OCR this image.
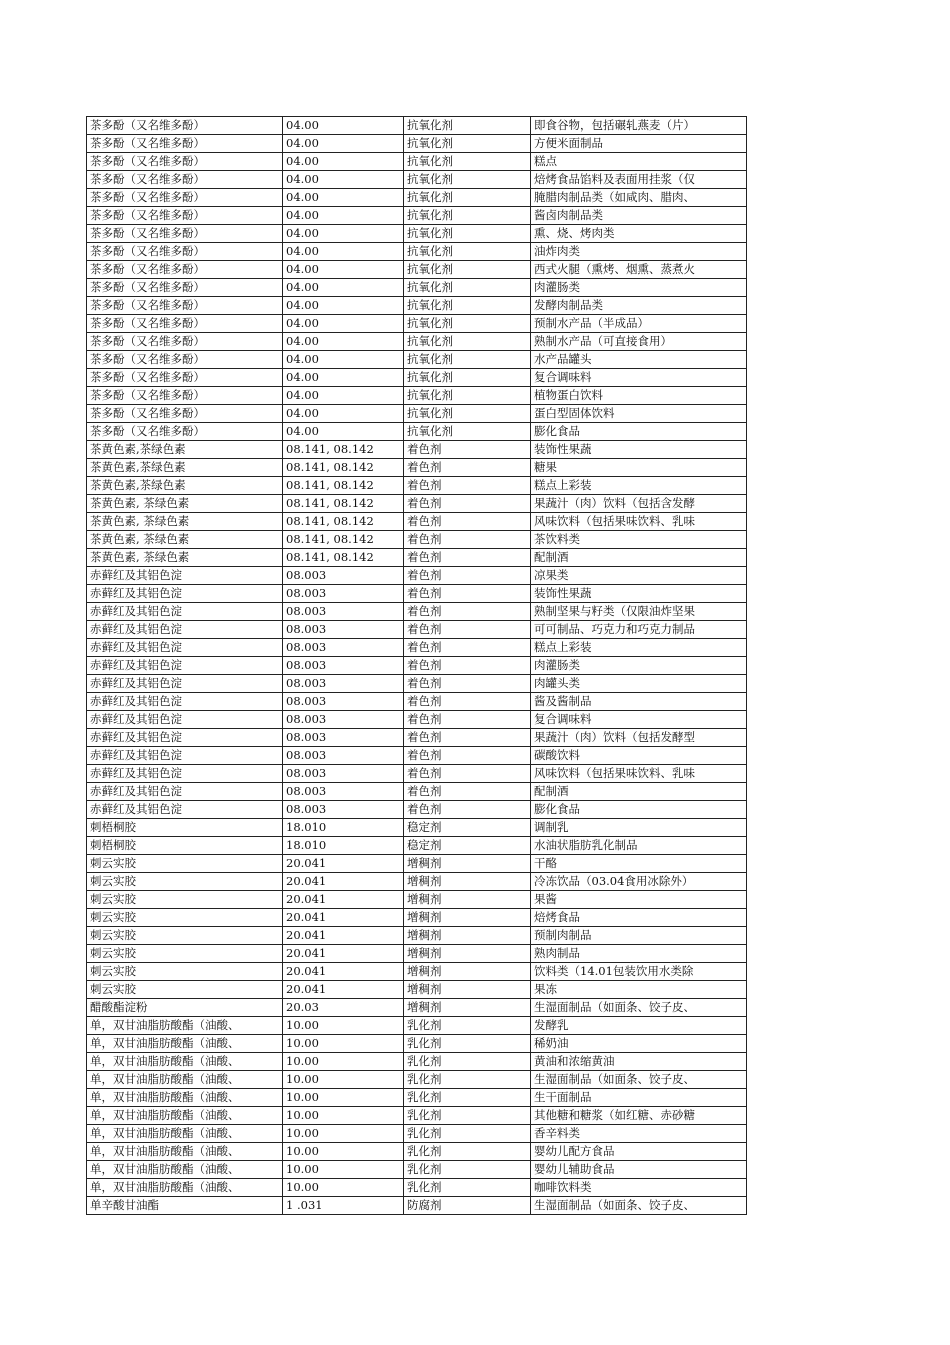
茶多酚（又名维多酚）	04.00	抗氧化剂	即食谷物，包括碾轧燕麦（片）
茶多酚（又名维多酚）	04.00	抗氧化剂	方便米面制品
茶多酚（又名维多酚）	04.00	抗氧化剂	糕点
茶多酚（又名维多酚）	04.00	抗氧化剂	焙烤食品馅料及表面用挂浆（仅
茶多酚（又名维多酚）	04.00	抗氧化剂	腌腊肉制品类（如咸肉、腊肉、
茶多酚（又名维多酚）	04.00	抗氧化剂	酱卤肉制品类
茶多酚（又名维多酚）	04.00	抗氧化剂	熏、烧、烤肉类
茶多酚（又名维多酚）	04.00	抗氧化剂	油炸肉类
茶多酚（又名维多酚）	04.00	抗氧化剂	西式火腿（熏烤、烟熏、蒸煮火
茶多酚（又名维多酚）	04.00	抗氧化剂	肉灌肠类
茶多酚（又名维多酚）	04.00	抗氧化剂	发酵肉制品类
茶多酚（又名维多酚）	04.00	抗氧化剂	预制水产品（半成品）
茶多酚（又名维多酚）	04.00	抗氧化剂	熟制水产品（可直接食用）
茶多酚（又名维多酚）	04.00	抗氧化剂	水产品罐头
茶多酚（又名维多酚）	04.00	抗氧化剂	复合调味料
茶多酚（又名维多酚）	04.00	抗氧化剂	植物蛋白饮料
茶多酚（又名维多酚）	04.00	抗氧化剂	蛋白型固体饮料
茶多酚（又名维多酚）	04.00	抗氧化剂	膨化食品
茶黄色素,茶绿色素	08.141, 08.142	着色剂	装饰性果蔬
茶黄色素,茶绿色素	08.141, 08.142	着色剂	糖果
茶黄色素,茶绿色素	08.141, 08.142	着色剂	糕点上彩装
茶黄色素, 茶绿色素	08.141, 08.142	着色剂	果蔬汁（肉）饮料（包括含发酵
茶黄色素, 茶绿色素	08.141, 08.142	着色剂	风味饮料（包括果味饮料、乳味
茶黄色素, 茶绿色素	08.141, 08.142	着色剂	茶饮料类
茶黄色素, 茶绿色素	08.141, 08.142	着色剂	配制酒
赤藓红及其铝色淀	08.003	着色剂	凉果类
赤藓红及其铝色淀	08.003	着色剂	装饰性果蔬
赤藓红及其铝色淀	08.003	着色剂	熟制坚果与籽类（仅限油炸坚果
赤藓红及其铝色淀	08.003	着色剂	可可制品、巧克力和巧克力制品
赤藓红及其铝色淀	08.003	着色剂	糕点上彩装
赤藓红及其铝色淀	08.003	着色剂	肉灌肠类
赤藓红及其铝色淀	08.003	着色剂	肉罐头类
赤藓红及其铝色淀	08.003	着色剂	酱及酱制品
赤藓红及其铝色淀	08.003	着色剂	复合调味料
赤藓红及其铝色淀	08.003	着色剂	果蔬汁（肉）饮料（包括发酵型
赤藓红及其铝色淀	08.003	着色剂	碳酸饮料
赤藓红及其铝色淀	08.003	着色剂	风味饮料（包括果味饮料、乳味
赤藓红及其铝色淀	08.003	着色剂	配制酒
赤藓红及其铝色淀	08.003	着色剂	膨化食品
刺梧桐胶	18.010	稳定剂	调制乳
刺梧桐胶	18.010	稳定剂	水油状脂肪乳化制品
刺云实胶	20.041	增稠剂	干酪
刺云实胶	20.041	增稠剂	冷冻饮品（03.04食用冰除外）
刺云实胶	20.041	增稠剂	果酱
刺云实胶	20.041	增稠剂	焙烤食品
刺云实胶	20.041	增稠剂	预制肉制品
刺云实胶	20.041	增稠剂	熟肉制品
刺云实胶	20.041	增稠剂	饮料类（14.01包装饮用水类除
刺云实胶	20.041	增稠剂	果冻
醋酸酯淀粉	20.03	增稠剂	生湿面制品（如面条、饺子皮、
单，双甘油脂肪酸酯（油酸、	10.00	乳化剂	发酵乳
单，双甘油脂肪酸酯（油酸、	10.00	乳化剂	稀奶油
单，双甘油脂肪酸酯（油酸、	10.00	乳化剂	黄油和浓缩黄油
单，双甘油脂肪酸酯（油酸、	10.00	乳化剂	生湿面制品（如面条、饺子皮、
单，双甘油脂肪酸酯（油酸、	10.00	乳化剂	生干面制品
单，双甘油脂肪酸酯（油酸、	10.00	乳化剂	其他糖和糖浆（如红糖、赤砂糖
单，双甘油脂肪酸酯（油酸、	10.00	乳化剂	香辛料类
单，双甘油脂肪酸酯（油酸、	10.00	乳化剂	婴幼儿配方食品
单，双甘油脂肪酸酯（油酸、	10.00	乳化剂	婴幼儿辅助食品
单，双甘油脂肪酸酯（油酸、	10.00	乳化剂	咖啡饮料类
单辛酸甘油酯	1 .031	防腐剂	生湿面制品（如面条、饺子皮、
